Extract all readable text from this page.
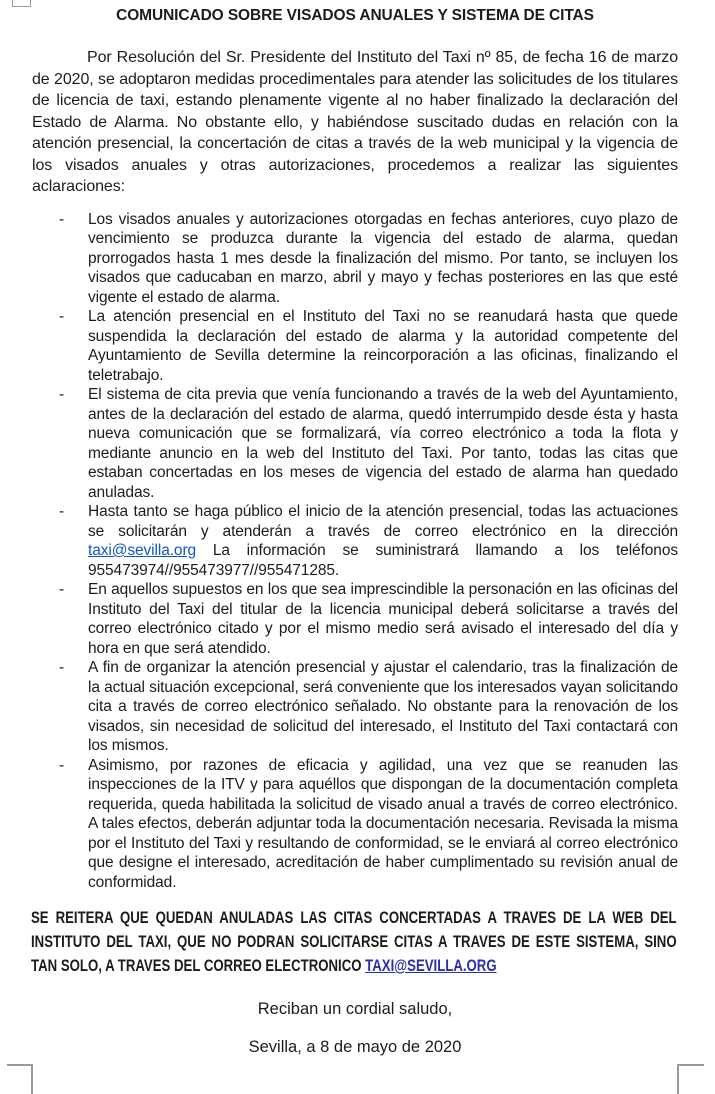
COMUNICADO SOBRE VISADOS ANUALES Y SISTEMA DE CITAS

Por Resolución del Sr. Presidente del Instituto del Taxi nº 85, de fecha 16 de marzo de 2020, se adoptaron medidas procedimentales para atender las solicitudes de los titulares de licencia de taxi, estando plenamente vigente al no haber finalizado la declaración del Estado de Alarma. No obstante ello, y habiéndose suscitado dudas en relación con la atención presencial, la concertación de citas a través de la web municipal y la vigencia de los visados anuales y otras autorizaciones, procedemos a realizar las siguientes aclaraciones:

-	Los visados anuales y autorizaciones otorgadas en fechas anteriores, cuyo plazo de vencimiento se produzca durante la vigencia del estado de alarma, quedan prorrogados hasta 1 mes desde la finalización del mismo. Por tanto, se incluyen los visados que caducaban en marzo, abril y mayo y fechas posteriores en las que esté vigente el estado de alarma.
-	La atención presencial en el Instituto del Taxi no se reanudará hasta que quede suspendida la declaración del estado de alarma y la autoridad competente del Ayuntamiento de Sevilla determine la reincorporación a las oficinas, finalizando el teletrabajo.
-	El sistema de cita previa que venía funcionando a través de la web del Ayuntamiento, antes de la declaración del estado de alarma, quedó interrumpido desde ésta y hasta nueva comunicación que se formalizará, vía correo electrónico a toda la flota y mediante anuncio en la web del Instituto del Taxi. Por tanto, todas las citas que estaban concertadas en los meses de vigencia del estado de alarma han quedado anuladas.
-	Hasta tanto se haga público el inicio de la atención presencial, todas las actuaciones se solicitarán y atenderán a través de correo electrónico en la dirección taxi@sevilla.org La información se suministrará llamando a los teléfonos 955473974//955473977//955471285.
-	En aquellos supuestos en los que sea imprescindible la personación en las oficinas del Instituto del Taxi del titular de la licencia municipal deberá solicitarse a través del correo electrónico citado y por el mismo medio será avisado el interesado del día y hora en que será atendido.
-	A fin de organizar la atención presencial y ajustar el calendario, tras la finalización de la actual situación excepcional, será conveniente que los interesados vayan solicitando cita a través de correo electrónico señalado. No obstante para la renovación de los visados, sin necesidad de solicitud del interesado, el Instituto del Taxi contactará con los mismos.
-	Asimismo, por razones de eficacia y agilidad, una vez que se reanuden las inspecciones de la ITV y para aquéllos que dispongan de la documentación completa requerida, queda habilitada la solicitud de visado anual a través de correo electrónico. A tales efectos, deberán adjuntar toda la documentación necesaria. Revisada la misma por el Instituto del Taxi y resultando de conformidad, se le enviará al correo electrónico que designe el interesado, acreditación de haber cumplimentado su revisión anual de conformidad.

SE REITERA QUE QUEDAN ANULADAS LAS CITAS CONCERTADAS A TRAVES DE LA WEB DEL INSTITUTO DEL TAXI, QUE NO PODRAN SOLICITARSE CITAS A TRAVES DE ESTE SISTEMA, SINO TAN SOLO, A TRAVES DEL CORREO ELECTRONICO TAXI@SEVILLA.ORG

Reciban un cordial saludo,

Sevilla, a 8 de mayo de 2020
